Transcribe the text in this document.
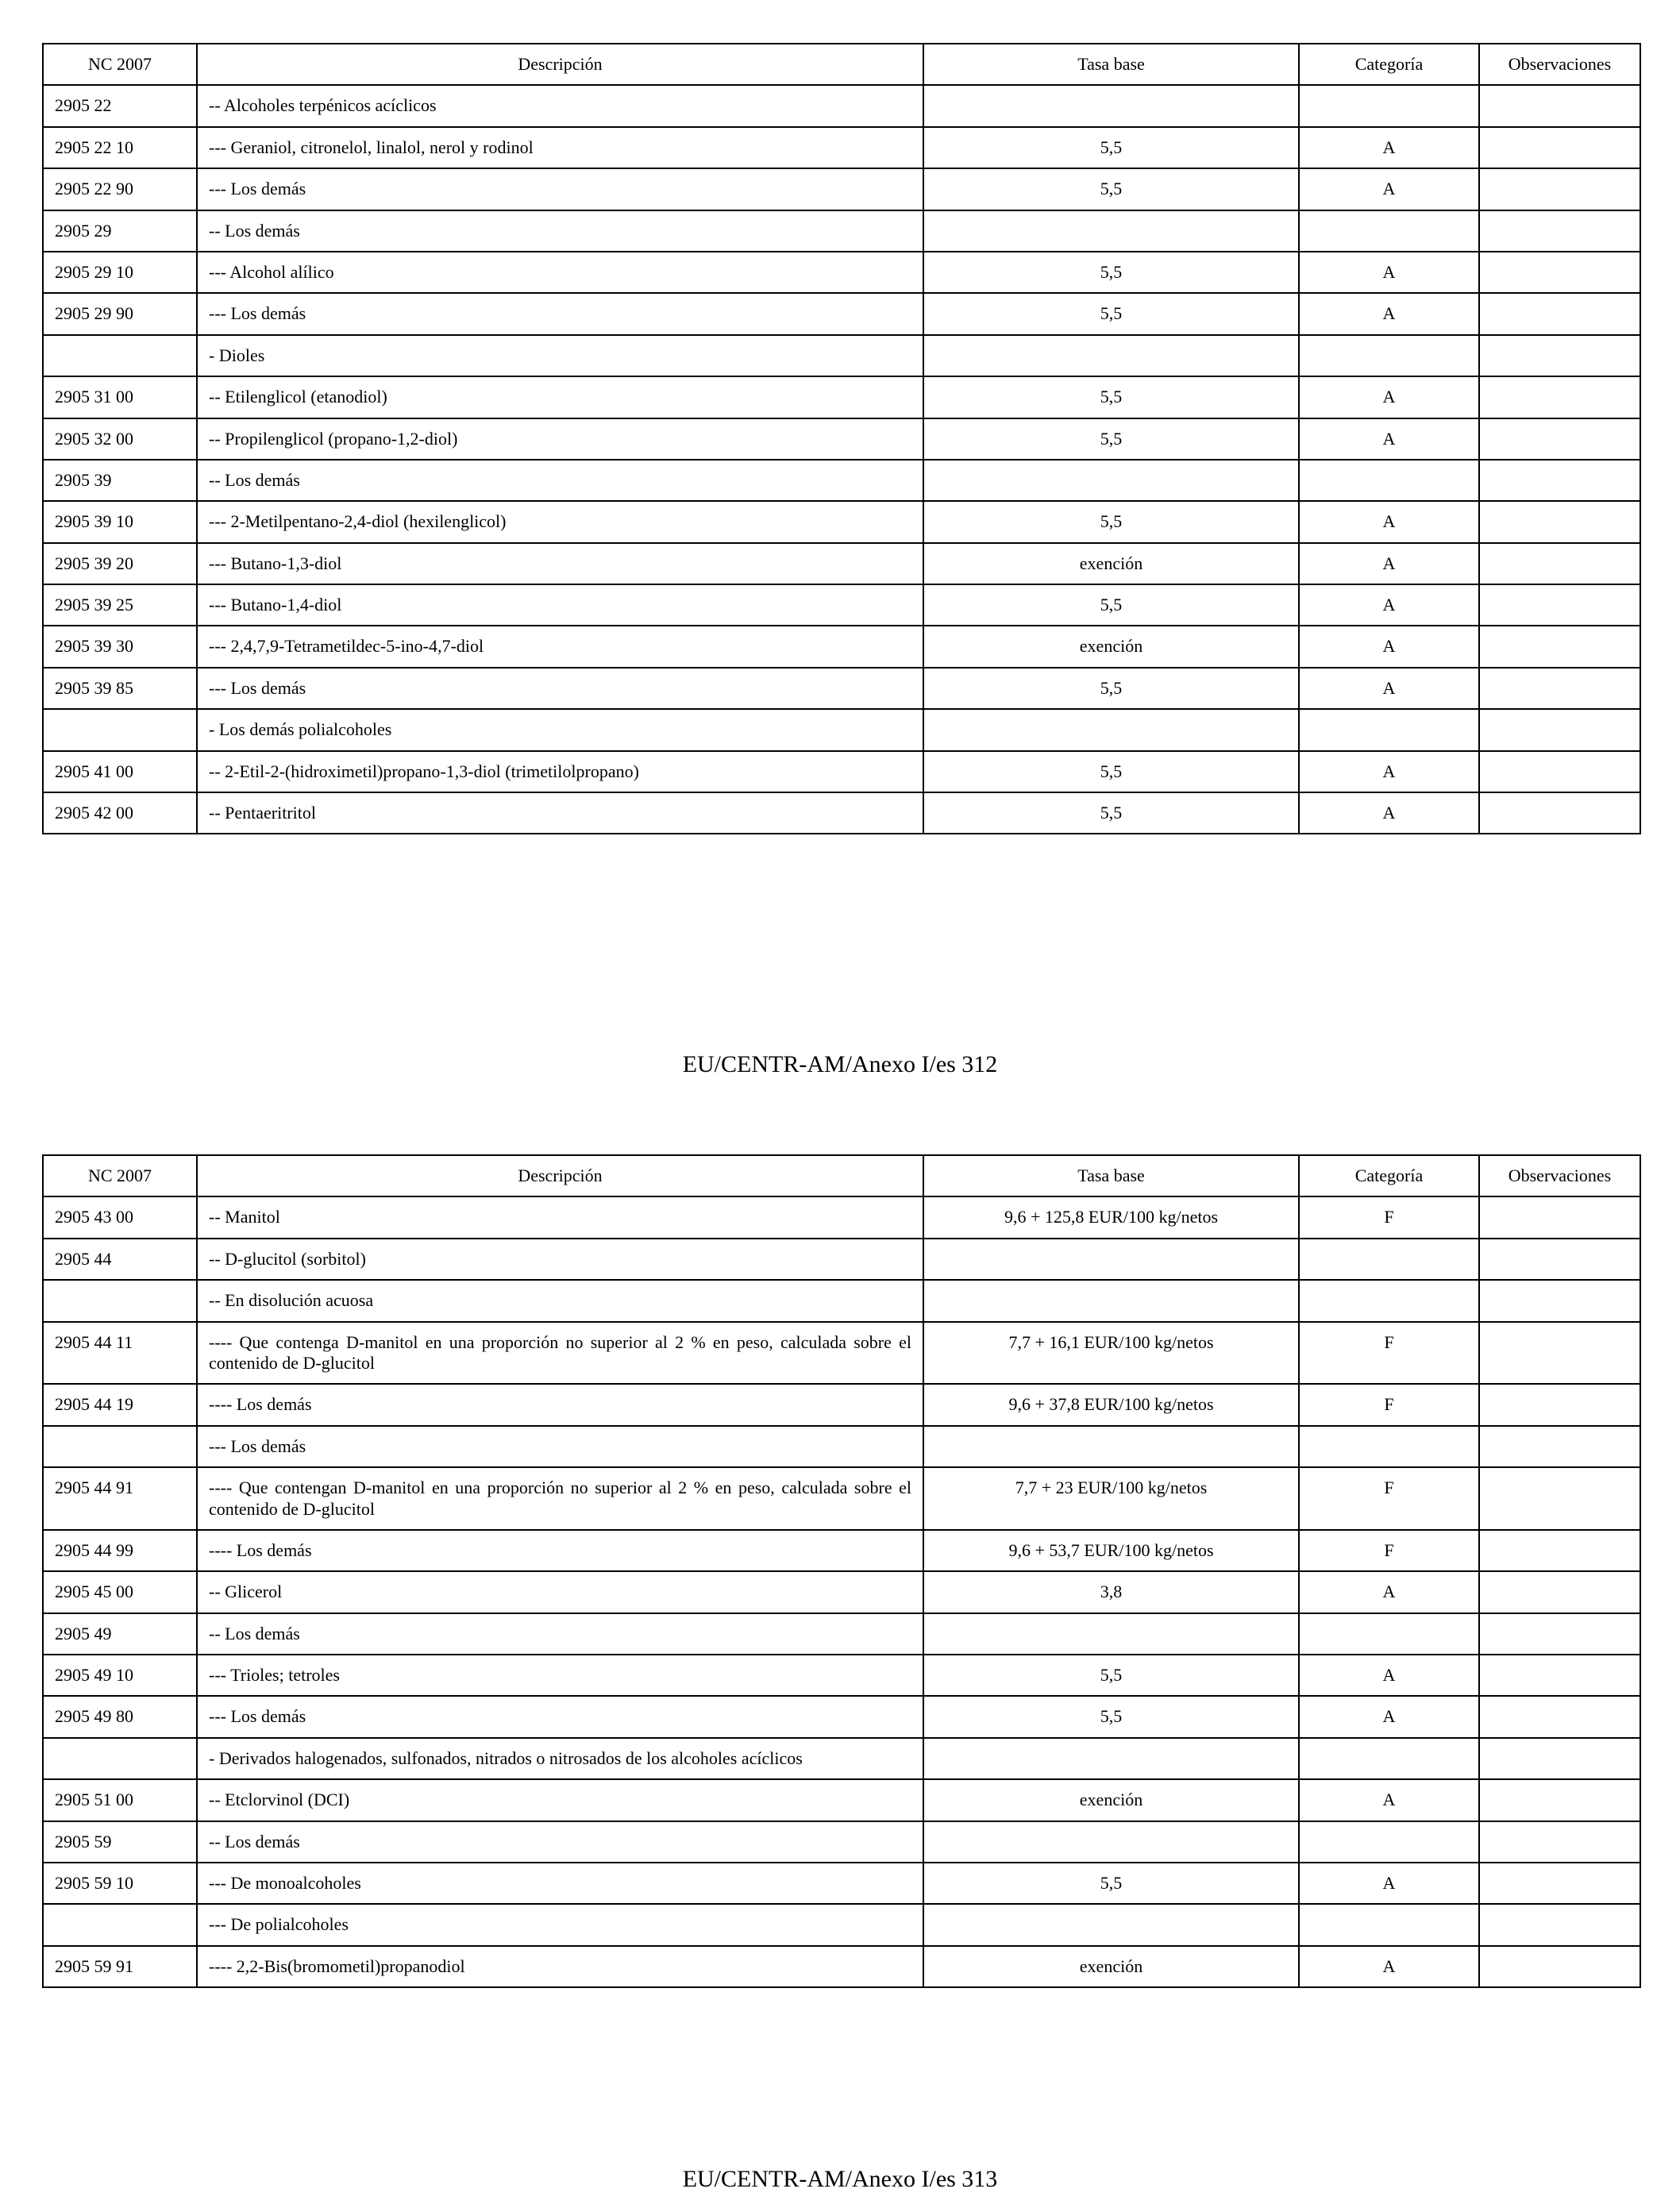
NC 2007	Descripción	Tasa base	Categoría	Observaciones
2905 22	-- Alcoholes terpénicos acíclicos			
2905 22 10	--- Geraniol, citronelol, linalol, nerol y rodinol	5,5	A	
2905 22 90	--- Los demás	5,5	A	
2905 29	-- Los demás			
2905 29 10	--- Alcohol alílico	5,5	A	
2905 29 90	--- Los demás	5,5	A	
	- Dioles			
2905 31 00	-- Etilenglicol (etanodiol)	5,5	A	
2905 32 00	-- Propilenglicol (propano-1,2-diol)	5,5	A	
2905 39	-- Los demás			
2905 39 10	--- 2-Metilpentano-2,4-diol (hexilenglicol)	5,5	A	
2905 39 20	--- Butano-1,3-diol	exención	A	
2905 39 25	--- Butano-1,4-diol	5,5	A	
2905 39 30	--- 2,4,7,9-Tetrametildec-5-ino-4,7-diol	exención	A	
2905 39 85	--- Los demás	5,5	A	
	- Los demás polialcoholes			
2905 41 00	-- 2-Etil-2-(hidroximetil)propano-1,3-diol (trimetilolpropano)	5,5	A	
2905 42 00	-- Pentaeritritol	5,5	A	
EU/CENTR-AM/Anexo I/es 312
NC 2007	Descripción	Tasa base	Categoría	Observaciones
2905 43 00	-- Manitol	9,6 + 125,8 EUR/100 kg/netos	F	
2905 44	-- D-glucitol (sorbitol)			
	-- En disolución acuosa			
2905 44 11	---- Que contenga D-manitol en una proporción no superior al 2 % en peso, calculada sobre el contenido de D-glucitol	7,7 + 16,1 EUR/100 kg/netos	F	
2905 44 19	---- Los demás	9,6 + 37,8 EUR/100 kg/netos	F	
	--- Los demás			
2905 44 91	---- Que contengan D-manitol en una proporción no superior al 2 % en peso, calculada sobre el contenido de D-glucitol	7,7 + 23 EUR/100 kg/netos	F	
2905 44 99	---- Los demás	9,6 + 53,7 EUR/100 kg/netos	F	
2905 45 00	-- Glicerol	3,8	A	
2905 49	-- Los demás			
2905 49 10	--- Trioles; tetroles	5,5	A	
2905 49 80	--- Los demás	5,5	A	
	- Derivados halogenados, sulfonados, nitrados o nitrosados de los alcoholes acíclicos			
2905 51 00	-- Etclorvinol (DCI)	exención	A	
2905 59	-- Los demás			
2905 59 10	--- De monoalcoholes	5,5	A	
	--- De polialcoholes			
2905 59 91	---- 2,2-Bis(bromometil)propanodiol	exención	A	
EU/CENTR-AM/Anexo I/es 313
